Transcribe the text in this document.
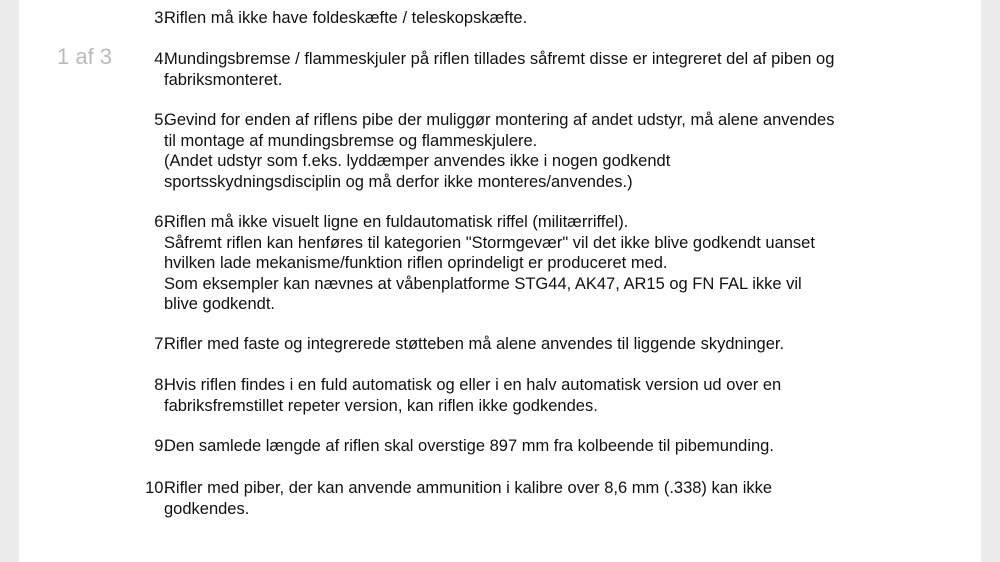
3.
Riflen må ikke have foldeskæfte / teleskopskæfte.
4.
Mundingsbremse / flammeskjuler på riflen tillades såfremt disse er integreret del af piben og
fabriksmonteret.
5.
Gevind for enden af riflens pibe der muliggør montering af andet udstyr, må alene anvendes
til montage af mundingsbremse og flammeskjulere.
(Andet udstyr som f.eks. lyddæmper anvendes ikke i nogen godkendt
sportsskydningsdisciplin og må derfor ikke monteres/anvendes.)
6.
Riflen må ikke visuelt ligne en fuldautomatisk riffel (militærriffel).
Såfremt riflen kan henføres til kategorien "Stormgevær" vil det ikke blive godkendt uanset
hvilken lade mekanisme/funktion riflen oprindeligt er produceret med.
Som eksempler kan nævnes at våbenplatforme STG44, AK47, AR15 og FN FAL ikke vil
blive godkendt.
7.
Rifler med faste og integrerede støtteben må alene anvendes til liggende skydninger.
8.
Hvis riflen findes i en fuld automatisk og eller i en halv automatisk version ud over en
fabriksfremstillet repeter version, kan riflen ikke godkendes.
9.
Den samlede længde af riflen skal overstige 897 mm fra kolbeende til pibemunding.
10.
Rifler med piber, der kan anvende ammunition i kalibre over 8,6 mm (.338) kan ikke
godkendes.
1 af 3
